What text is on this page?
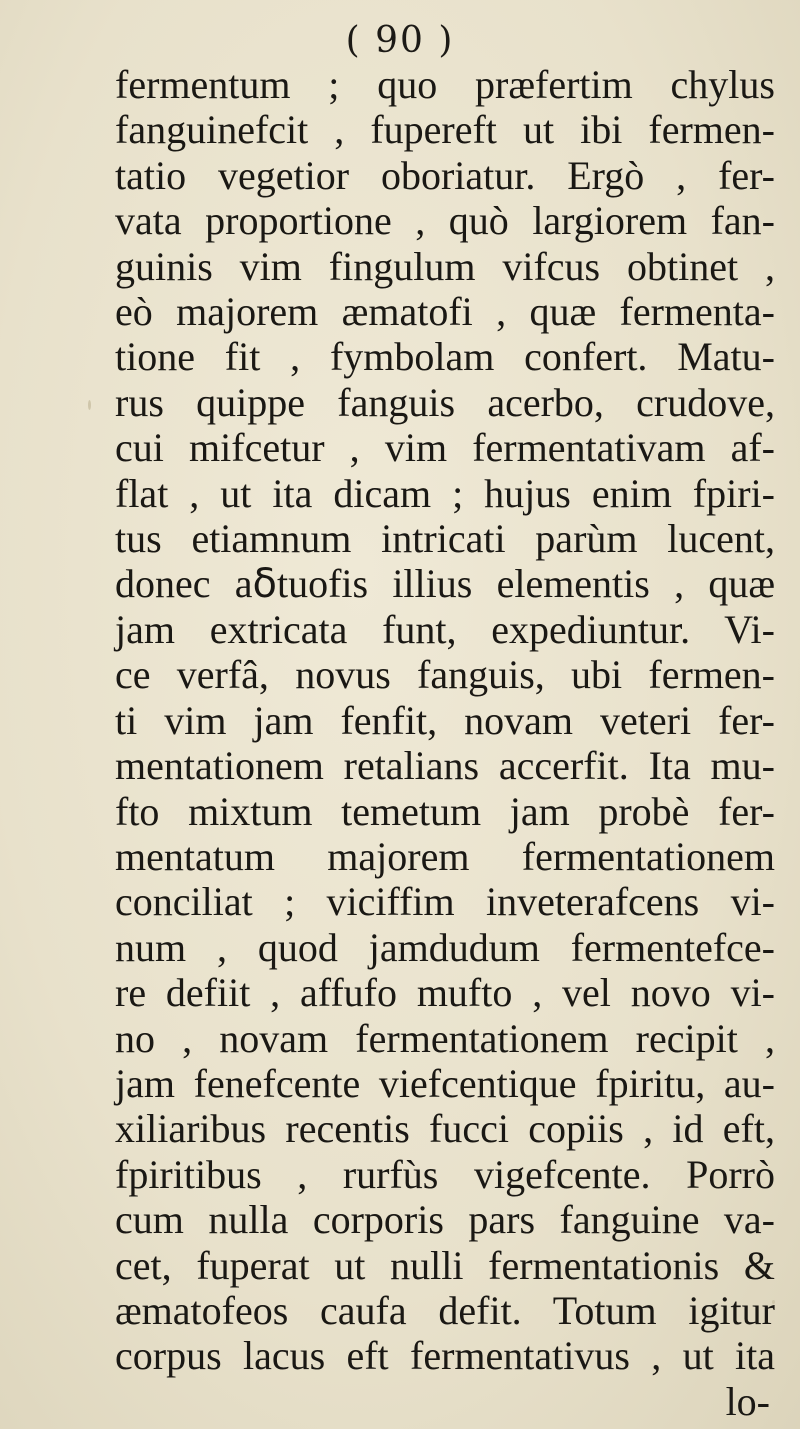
( 90 )
fermentum ; quo præfertim chylus
fanguinefcit , fupereft ut ibi fermen-
tatio vegetior oboriatur. Ergò , fer-
vata proportione , quò largiorem fan-
guinis vim fingulum vifcus obtinet ,
eò majorem æmatofi , quæ fermenta-
tione fit , fymbolam confert. Matu-
rus quippe fanguis acerbo, crudove,
cui mifcetur , vim fermentativam af-
flat , ut ita dicam ; hujus enim fpiri-
tus etiamnum intricati parùm lucent,
donec aẟtuofis illius elementis , quæ
jam extricata funt, expediuntur. Vi-
ce verfâ, novus fanguis, ubi fermen-
ti vim jam fenfit, novam veteri fer-
mentationem retalians accerfit. Ita mu-
fto mixtum temetum jam probè fer-
mentatum majorem fermentationem
conciliat ; viciffim inveterafcens vi-
num , quod jamdudum fermentefce-
re defiit , affufo mufto , vel novo vi-
no , novam fermentationem recipit ,
jam fenefcente viefcentique fpiritu, au-
xiliaribus recentis fucci copiis , id eft,
fpiritibus , rurfùs vigefcente. Porrò
cum nulla corporis pars fanguine va-
cet, fuperat ut nulli fermentationis &
æmatofeos caufa defit. Totum igitur
corpus lacus eft fermentativus , ut ita
lo-
